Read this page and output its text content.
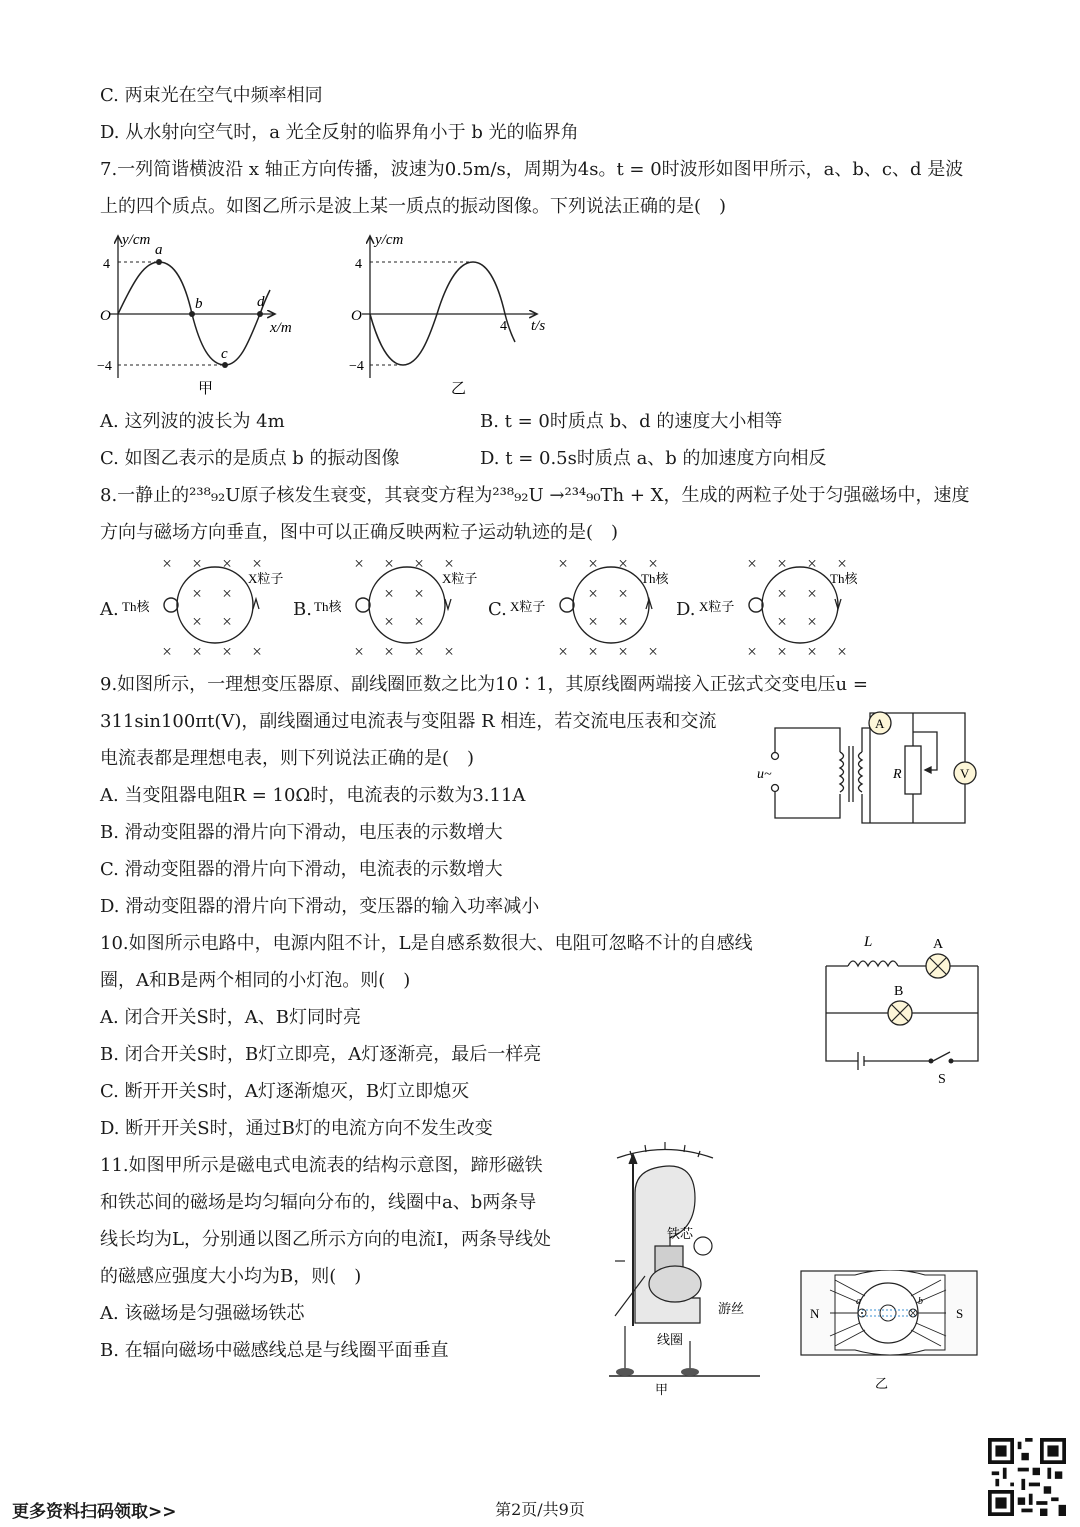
C. 两束光在空气中频率相同
D. 从水射向空气时，a 光全反射的临界角小于 b 光的临界角
7.一列简谐横波沿 x 轴正方向传播，波速为0.5m/s，周期为4s。t = 0时波形如图甲所示，a、b、c、d 是波
上的四个质点。如图乙所示是波上某一质点的振动图像。下列说法正确的是(　)
y/cm
4
−4
O
a
b
c
d
x/m
甲
y/cm
4
−4
O
4 t/s
乙
A. 这列波的波长为 4m	B. t = 0时质点 b、d 的速度大小相等
C. 如图乙表示的是质点 b 的振动图像	D. t = 0.5s时质点 a、b 的加速度方向相反
8.一静止的²³⁸₉₂U原子核发生衰变，其衰变方程为²³⁸₉₂U →²³⁴₉₀Th + X，生成的两粒子处于匀强磁场中，速度
方向与磁场方向垂直，图中可以正确反映两粒子运动轨迹的是(　)
A.
× × × ×
× ×
× ×
× × × ×
Th核
X粒子
B.
× × × ×
× ×
× ×
× × × ×
Th核
X粒子
C.
× × × ×
× ×
× ×
× × × ×
X粒子
Th核
D.
× × × ×
× ×
× ×
× × × ×
X粒子
Th核
9.如图所示，一理想变压器原、副线圈匝数之比为10∶1，其原线圈两端接入正弦式交变电压u =
311sin100πt(V)，副线圈通过电流表与变阻器 R 相连，若交流电压表和交流
电流表都是理想电表，则下列说法正确的是(　)
A. 当变阻器电阻R = 10Ω时，电流表的示数为3.11A
B. 滑动变阻器的滑片向下滑动，电压表的示数增大
C. 滑动变阻器的滑片向下滑动，电流表的示数增大
D. 滑动变阻器的滑片向下滑动，变压器的输入功率减小
A
V
R
u~
10.如图所示电路中，电源内阻不计，L是自感系数很大、电阻可忽略不计的自感线
圈，A和B是两个相同的小灯泡。则(　)
A. 闭合开关S时，A、B灯同时亮
B. 闭合开关S时，B灯立即亮，A灯逐渐亮，最后一样亮
C. 断开开关S时，A灯逐渐熄灭，B灯立即熄灭
D. 断开开关S时，通过B灯的电流方向不发生改变
L	A
B
S
11.如图甲所示是磁电式电流表的结构示意图，蹄形磁铁
和铁芯间的磁场是均匀辐向分布的，线圈中a、b两条导
线长均为L，分别通以图乙所示方向的电流I，两条导线处
的磁感应强度大小均为B，则(　)
A. 该磁场是匀强磁场铁芯
B. 在辐向磁场中磁感线总是与线圈平面垂直
铁芯
游丝
线圈
甲
N	S
a	b
乙
更多资料扫码领取>>	第2页/共9页
